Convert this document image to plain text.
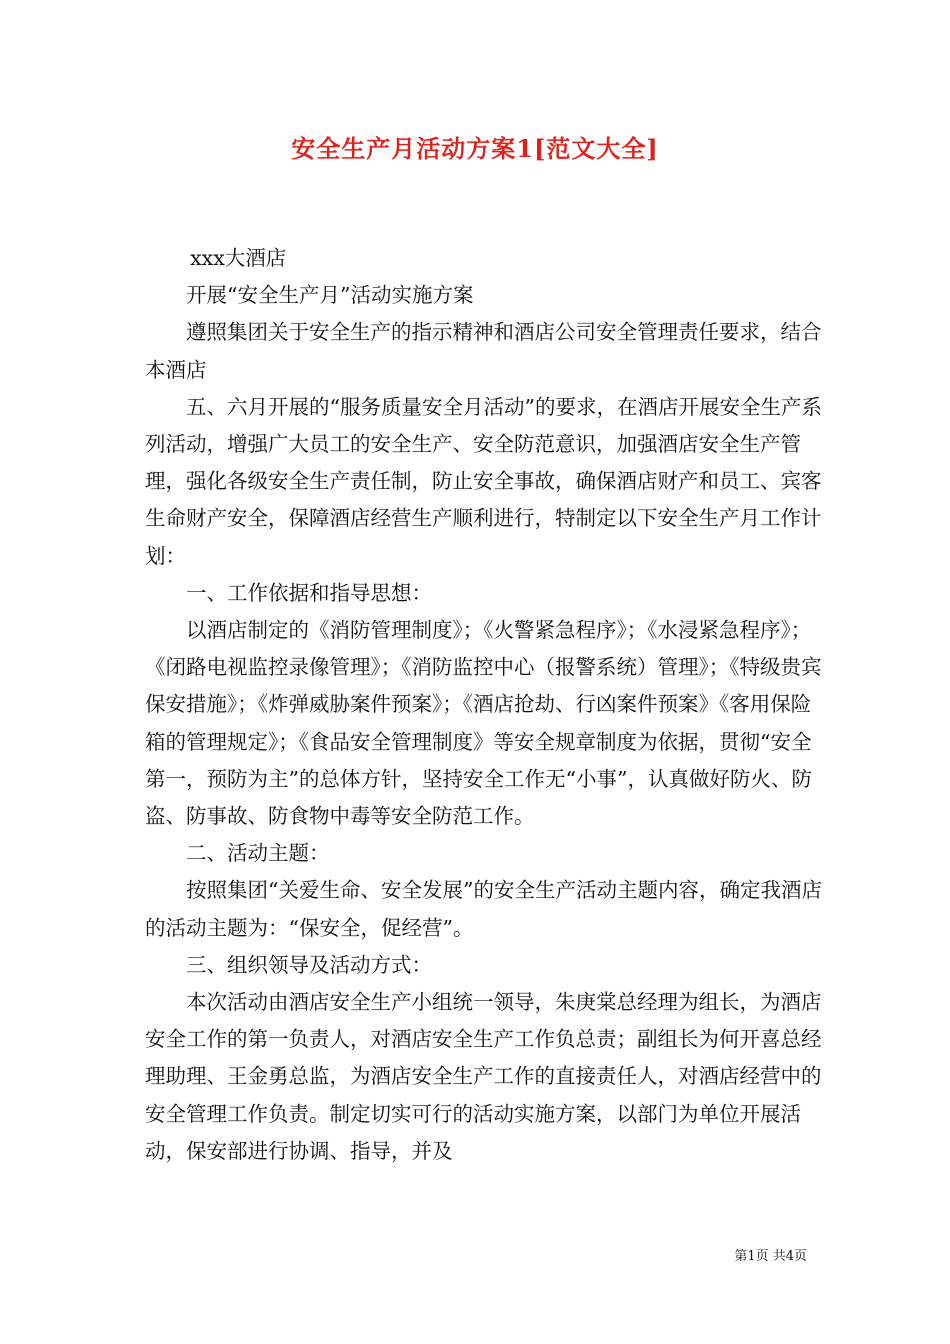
安全生产月活动方案1[范文大全]

xxx大酒店

开展“安全生产月”活动实施方案

遵照集团关于安全生产的指示精神和酒店公司安全管理责任要求，结合本酒店

五、六月开展的“服务质量安全月活动”的要求，在酒店开展安全生产系列活动，增强广大员工的安全生产、安全防范意识，加强酒店安全生产管理，强化各级安全生产责任制，防止安全事故，确保酒店财产和员工、宾客生命财产安全，保障酒店经营生产顺利进行，特制定以下安全生产月工作计划：

一、工作依据和指导思想：

以酒店制定的《消防管理制度》；《火警紧急程序》；《水浸紧急程序》；《闭路电视监控录像管理》；《消防监控中心（报警系统）管理》；《特级贵宾保安措施》；《炸弹威胁案件预案》；《酒店抢劫、行凶案件预案》《客用保险箱的管理规定》；《食品安全管理制度》等安全规章制度为依据，贯彻“安全第一，预防为主”的总体方针，坚持安全工作无“小事”，认真做好防火、防盗、防事故、防食物中毒等安全防范工作。

二、活动主题：

按照集团“关爱生命、安全发展”的安全生产活动主题内容，确定我酒店的活动主题为：“保安全，促经营”。

三、组织领导及活动方式：

本次活动由酒店安全生产小组统一领导，朱庚棠总经理为组长，为酒店安全工作的第一负责人，对酒店安全生产工作负总责；副组长为何开喜总经理助理、王金勇总监，为酒店安全生产工作的直接责任人，对酒店经营中的安全管理工作负责。制定切实可行的活动实施方案，以部门为单位开展活动，保安部进行协调、指导，并及

第1页 共4页
